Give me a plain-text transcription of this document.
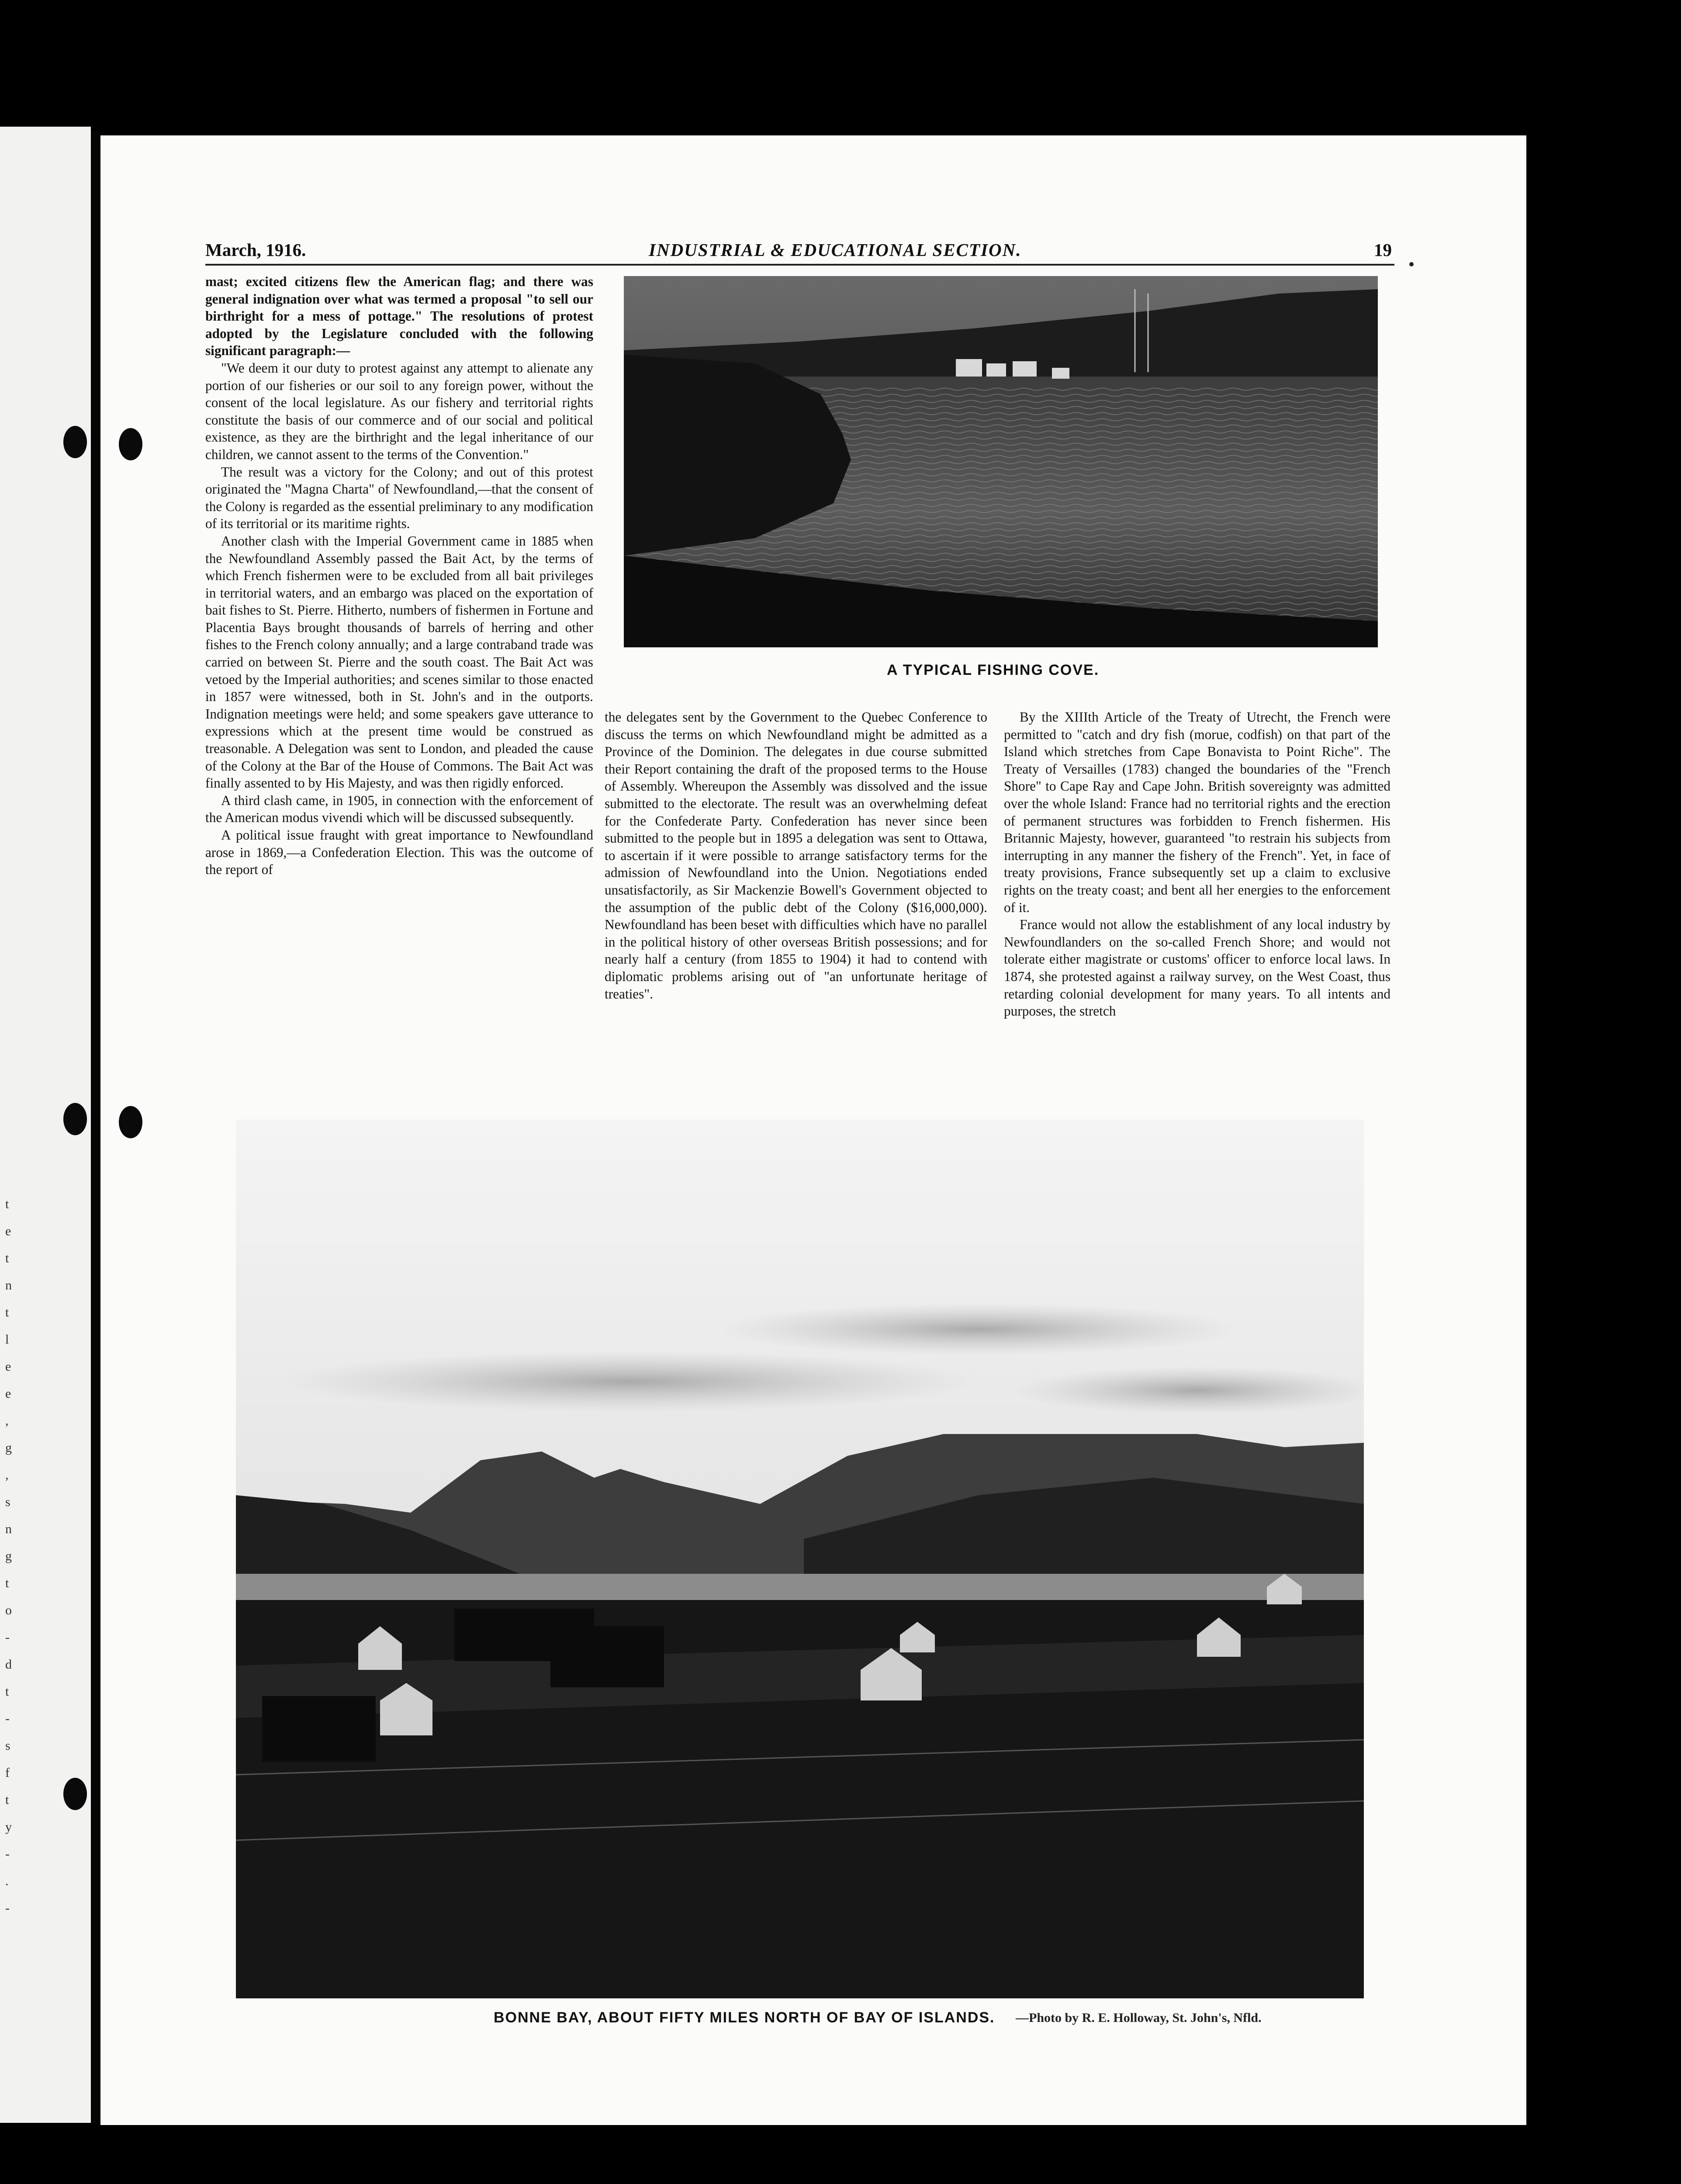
t
e
t
n
t
l
e
e
,
g
,
s
n
g
t
o
-
d
t
-
s
f
t
y
-
.
-
March, 1916.	INDUSTRIAL & EDUCATIONAL SECTION.	19

mast; excited citizens flew the American flag; and there was general indignation over what was termed a proposal "to sell our birthright for a mess of pottage." The resolutions of protest adopted by the Legislature concluded with the following significant paragraph:—

"We deem it our duty to protest against any attempt to alienate any portion of our fisheries or our soil to any foreign power, without the consent of the local legislature. As our fishery and territorial rights constitute the basis of our commerce and of our social and political existence, as they are the birthright and the legal inheritance of our children, we cannot assent to the terms of the Convention."

The result was a victory for the Colony; and out of this protest originated the "Magna Charta" of Newfoundland,—that the consent of the Colony is regarded as the essential preliminary to any modification of its territorial or its maritime rights.

Another clash with the Imperial Government came in 1885 when the Newfoundland Assembly passed the Bait Act, by the terms of which French fishermen were to be excluded from all bait privileges in territorial waters, and an embargo was placed on the exportation of bait fishes to St. Pierre. Hitherto, numbers of fishermen in Fortune and Placentia Bays brought thousands of barrels of herring and other fishes to the French colony annually; and a large contraband trade was carried on between St. Pierre and the south coast. The Bait Act was vetoed by the Imperial authorities; and scenes similar to those enacted in 1857 were witnessed, both in St. John's and in the outports. Indignation meetings were held; and some speakers gave utterance to expressions which at the present time would be construed as treasonable. A Delegation was sent to London, and pleaded the cause of the Colony at the Bar of the House of Commons. The Bait Act was finally assented to by His Majesty, and was then rigidly enforced.

A third clash came, in 1905, in connection with the enforcement of the American modus vivendi which will be discussed subsequently.

A political issue fraught with great importance to Newfoundland arose in 1869,—a Confederation Election. This was the outcome of the report of

the delegates sent by the Government to the Quebec Conference to discuss the terms on which Newfoundland might be admitted as a Province of the Dominion. The delegates in due course submitted their Report containing the draft of the proposed terms to the House of Assembly. Whereupon the Assembly was dissolved and the issue submitted to the electorate. The result was an overwhelming defeat for the Confederate Party. Confederation has never since been submitted to the people but in 1895 a delegation was sent to Ottawa, to ascertain if it were possible to arrange satisfactory terms for the admission of Newfoundland into the Union. Negotiations ended unsatisfactorily, as Sir Mackenzie Bowell's Government objected to the assumption of the public debt of the Colony ($16,000,000). Newfoundland has been beset with difficulties which have no parallel in the political history of other overseas British possessions; and for nearly half a century (from 1855 to 1904) it had to contend with diplomatic problems arising out of "an unfortunate heritage of treaties".

By the XIIIth Article of the Treaty of Utrecht, the French were permitted to "catch and dry fish (morue, codfish) on that part of the Island which stretches from Cape Bonavista to Point Riche". The Treaty of Versailles (1783) changed the boundaries of the "French Shore" to Cape Ray and Cape John. British sovereignty was admitted over the whole Island: France had no territorial rights and the erection of permanent structures was forbidden to French fishermen. His Britannic Majesty, however, guaranteed "to restrain his subjects from interrupting in any manner the fishery of the French". Yet, in face of treaty provisions, France subsequently set up a claim to exclusive rights on the treaty coast; and bent all her energies to the enforcement of it.

France would not allow the establishment of any local industry by Newfoundlanders on the so-called French Shore; and would not tolerate either magistrate or customs' officer to enforce local laws. In 1874, she protested against a railway survey, on the West Coast, thus retarding colonial development for many years. To all intents and purposes, the stretch

A TYPICAL FISHING COVE.
BONNE BAY, ABOUT FIFTY MILES NORTH OF BAY OF ISLANDS. —Photo by R. E. Holloway, St. John's, Nfld.
